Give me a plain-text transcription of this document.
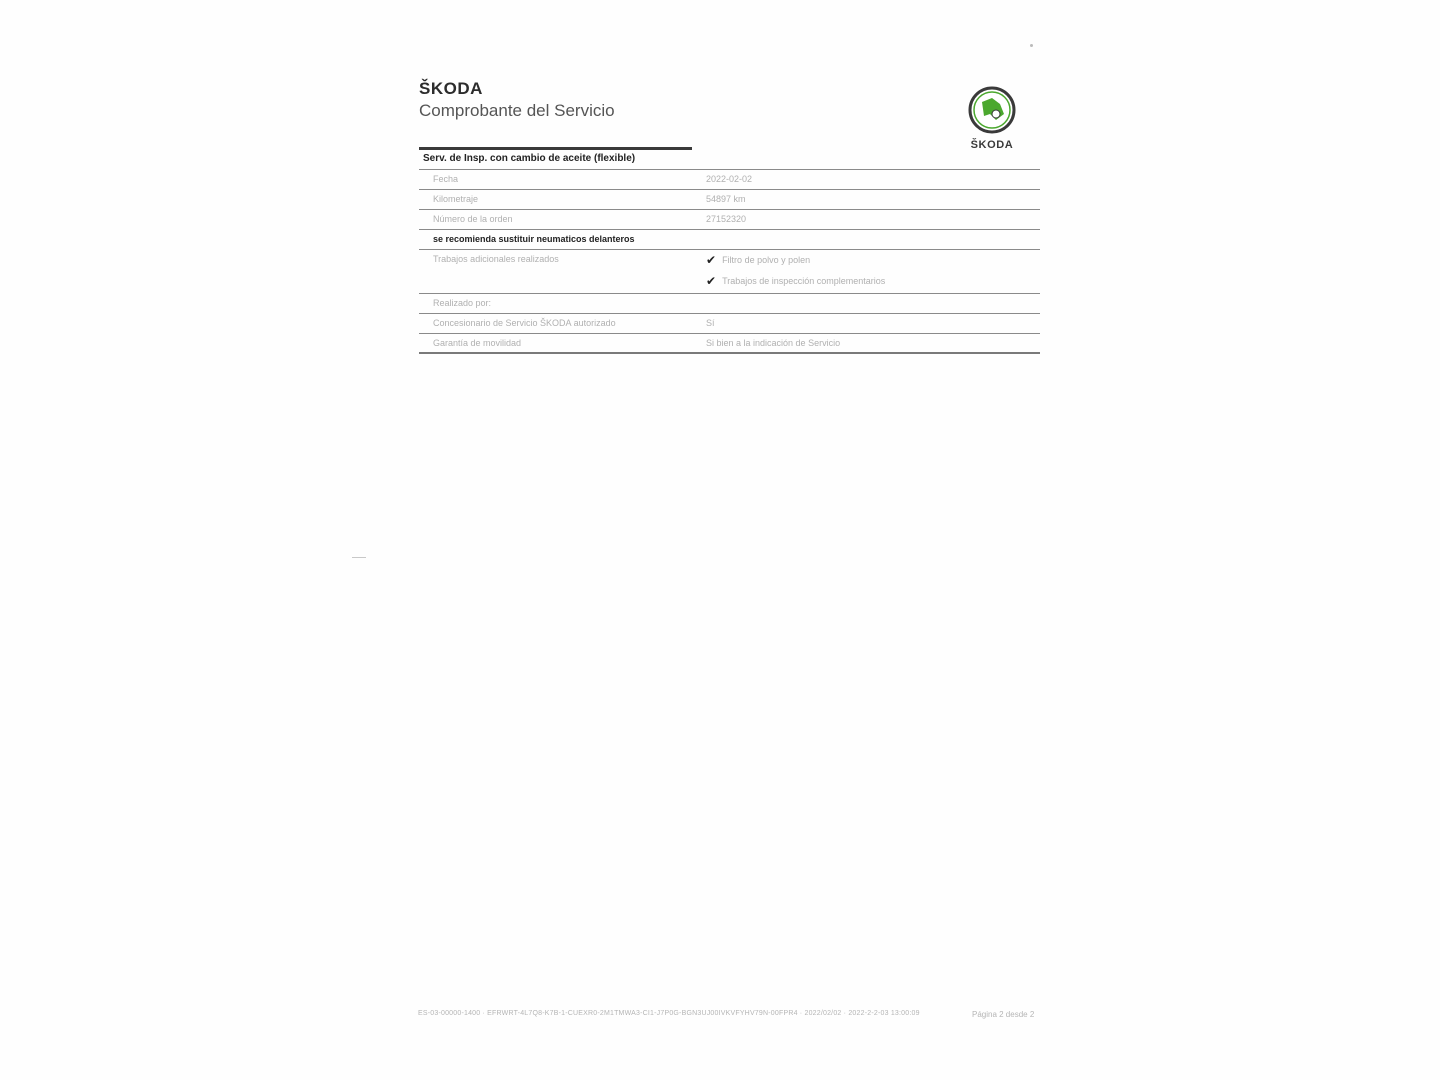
ŠKODA
Comprobante del Servicio
ŠKODA
Serv. de Insp. con cambio de aceite (flexible)
Fecha	2022-02-02
Kilometraje	54897 km
Número de la orden	27152320
se recomienda sustituir neumaticos delanteros
Trabajos adicionales realizados	✔ Filtro de polvo y polen
✔ Trabajos de inspección complementarios
Realizado por:
Concesionario de Servicio ŠKODA autorizado	Sí
Garantía de movilidad	Si bien a la indicación de Servicio
ES-03-00000-1400 · EFRWRT-4L7Q8-K7B-1-CUEXR0-2M1TMWA3-CI1-J7P0G-BGN3UJ00IVKVFYHV79N-00FPR4 · 2022/02/02 · 2022-2-2-03 13:00:09	Página 2 desde 2
